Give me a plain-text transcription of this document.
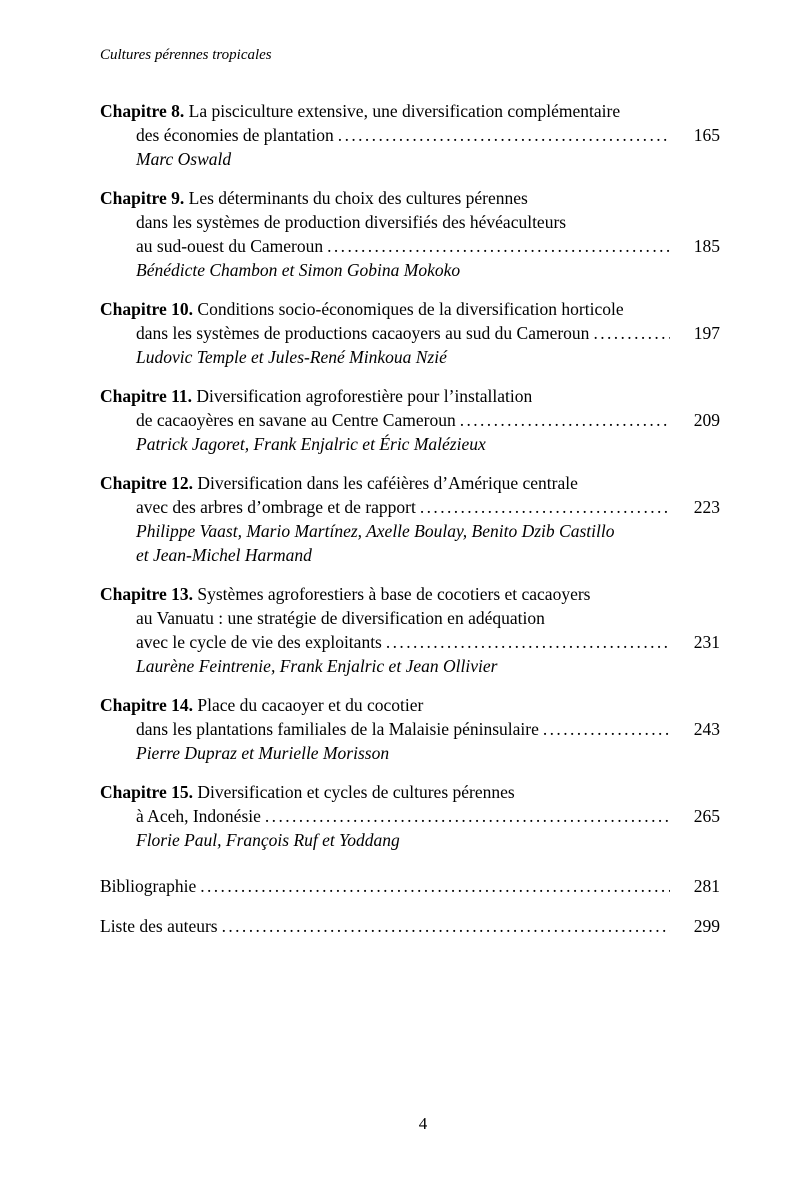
Cultures pérennes tropicales
Chapitre 8. La pisciculture extensive, une diversification complémentaire
des économies de plantation .....	165
Marc Oswald
Chapitre 9. Les déterminants du choix des cultures pérennes
dans les systèmes de production diversifiés des hévéaculteurs
au sud-ouest du Cameroun .....	185
Bénédicte Chambon et Simon Gobina Mokoko
Chapitre 10. Conditions socio-économiques de la diversification horticole
dans les systèmes de productions cacaoyers au sud du Cameroun .....	197
Ludovic Temple et Jules-René Minkoua Nzié
Chapitre 11. Diversification agroforestière pour l’installation
de cacaoyères en savane au Centre Cameroun .....	209
Patrick Jagoret, Frank Enjalric et Éric Malézieux
Chapitre 12. Diversification dans les caféières d’Amérique centrale
avec des arbres d’ombrage et de rapport .....	223
Philippe Vaast, Mario Martínez, Axelle Boulay, Benito Dzib Castillo
et Jean-Michel Harmand
Chapitre 13. Systèmes agroforestiers à base de cocotiers et cacaoyers
au Vanuatu : une stratégie de diversification en adéquation
avec le cycle de vie des exploitants .....	231
Laurène Feintrenie, Frank Enjalric et Jean Ollivier
Chapitre 14. Place du cacaoyer et du cocotier
dans les plantations familiales de la Malaisie péninsulaire .....	243
Pierre Dupraz et Murielle Morisson
Chapitre 15. Diversification et cycles de cultures pérennes
à Aceh, Indonésie .....	265
Florie Paul, François Ruf et Yoddang
Bibliographie .....	281
Liste des auteurs .....	299
4
